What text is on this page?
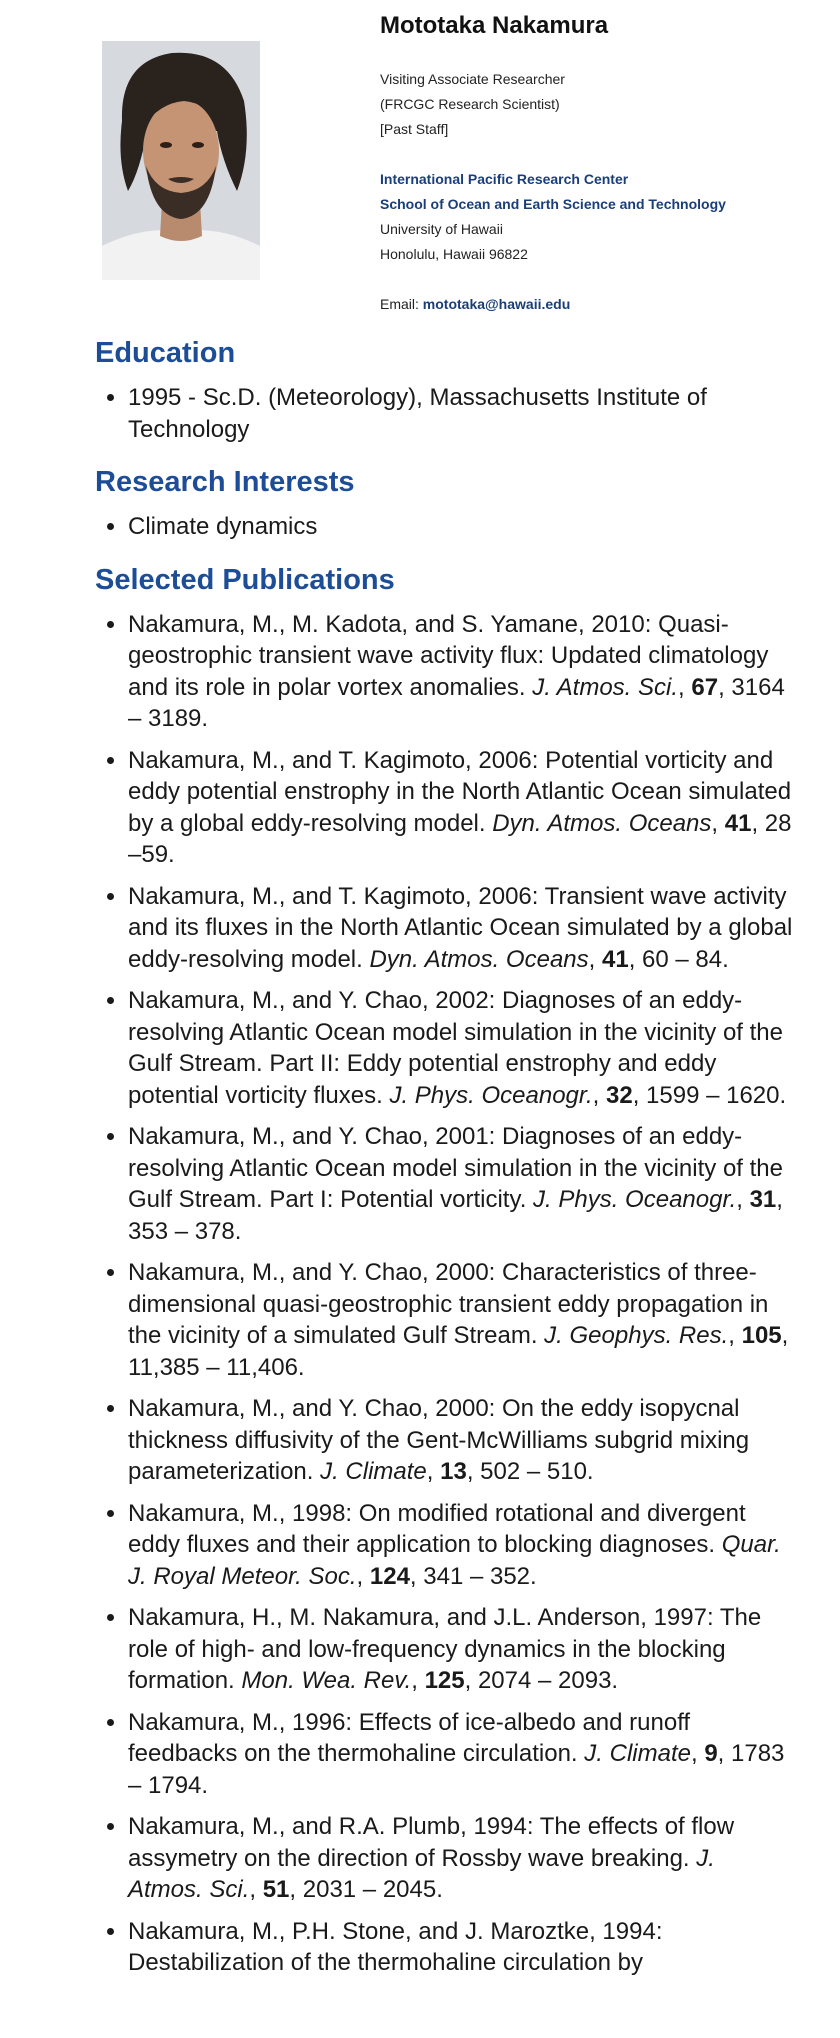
Mototaka Nakamura
Visiting Associate Researcher
(FRCGC Research Scientist)
[Past Staff]
International Pacific Research Center
School of Ocean and Earth Science and Technology
University of Hawaii
Honolulu, Hawaii 96822
Email: mototaka@hawaii.edu
Education
• 1995 - Sc.D. (Meteorology), Massachusetts Institute of Technology
Research Interests
• Climate dynamics
Selected Publications
• Nakamura, M., M. Kadota, and S. Yamane, 2010: Quasi-geostrophic transient wave activity flux: Updated climatology and its role in polar vortex anomalies. J. Atmos. Sci., 67, 3164 – 3189.
• Nakamura, M., and T. Kagimoto, 2006: Potential vorticity and eddy potential enstrophy in the North Atlantic Ocean simulated by a global eddy-resolving model. Dyn. Atmos. Oceans, 41, 28 –59.
• Nakamura, M., and T. Kagimoto, 2006: Transient wave activity and its fluxes in the North Atlantic Ocean simulated by a global eddy-resolving model. Dyn. Atmos. Oceans, 41, 60 – 84.
• Nakamura, M., and Y. Chao, 2002: Diagnoses of an eddy-resolving Atlantic Ocean model simulation in the vicinity of the Gulf Stream. Part II: Eddy potential enstrophy and eddy potential vorticity fluxes. J. Phys. Oceanogr., 32, 1599 – 1620.
• Nakamura, M., and Y. Chao, 2001: Diagnoses of an eddy-resolving Atlantic Ocean model simulation in the vicinity of the Gulf Stream. Part I: Potential vorticity. J. Phys. Oceanogr., 31, 353 – 378.
• Nakamura, M., and Y. Chao, 2000: Characteristics of three-dimensional quasi-geostrophic transient eddy propagation in the vicinity of a simulated Gulf Stream. J. Geophys. Res., 105, 11,385 – 11,406.
• Nakamura, M., and Y. Chao, 2000: On the eddy isopycnal thickness diffusivity of the Gent-McWilliams subgrid mixing parameterization. J. Climate, 13, 502 – 510.
• Nakamura, M., 1998: On modified rotational and divergent eddy fluxes and their application to blocking diagnoses. Quar. J. Royal Meteor. Soc., 124, 341 – 352.
• Nakamura, H., M. Nakamura, and J.L. Anderson, 1997: The role of high- and low-frequency dynamics in the blocking formation. Mon. Wea. Rev., 125, 2074 – 2093.
• Nakamura, M., 1996: Effects of ice-albedo and runoff feedbacks on the thermohaline circulation. J. Climate, 9, 1783 – 1794.
• Nakamura, M., and R.A. Plumb, 1994: The effects of flow assymetry on the direction of Rossby wave breaking. J. Atmos. Sci., 51, 2031 – 2045.
• Nakamura, M., P.H. Stone, and J. Maroztke, 1994: Destabilization of the thermohaline circulation by
